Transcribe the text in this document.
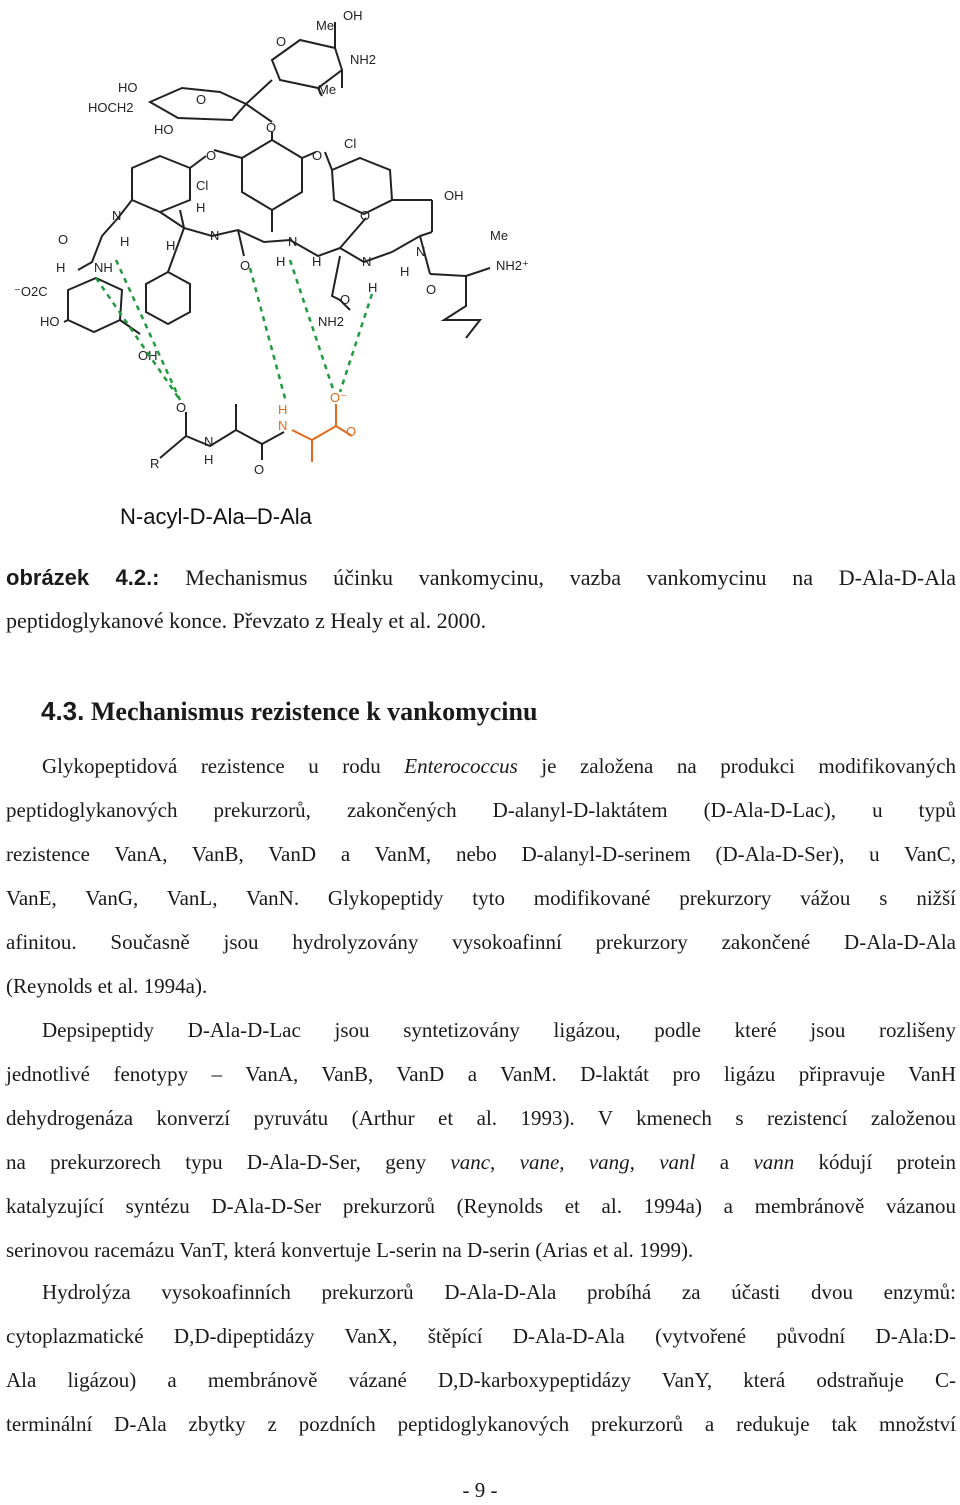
Me
OH
O
NH2
Me
HO
HOCH2
HO
O
O
O	O
Cl
Cl
OH
N
H
O
H
N
H
O
N
H H
O
N
H
H
N
O
Me
NH2⁺
O
NH2
H NH
⁻O2C
HO
OH
O
R
N
H
O
H
N
O⁻
O
N-acyl-D-Ala–D-Ala
obrázek 4.2.: Mechanismus účinku vankomycinu, vazba vankomycinu na D-Ala-D-Ala
peptidoglykanové konce. Převzato z Healy et al. 2000.
4.3. Mechanismus rezistence k vankomycinu
Glykopeptidová rezistence u rodu Enterococcus je založena na produkci modifikovaných
peptidoglykanových prekurzorů, zakončených D-alanyl-D-laktátem (D-Ala-D-Lac), u typů
rezistence VanA, VanB, VanD a VanM, nebo D-alanyl-D-serinem (D-Ala-D-Ser), u VanC,
VanE, VanG, VanL, VanN. Glykopeptidy tyto modifikované prekurzory vážou s nižší
afinitou. Současně jsou hydrolyzovány vysokoafinní prekurzory zakončené D-Ala-D-Ala
(Reynolds et al. 1994a).
Depsipeptidy D-Ala-D-Lac jsou syntetizovány ligázou, podle které jsou rozlišeny
jednotlivé fenotypy – VanA, VanB, VanD a VanM. D-laktát pro ligázu připravuje VanH
dehydrogenáza konverzí pyruvátu (Arthur et al. 1993). V kmenech s rezistencí založenou
na prekurzorech typu D-Ala-D-Ser, geny vanc, vane, vang, vanl a vann kódují protein
katalyzující syntézu D-Ala-D-Ser prekurzorů (Reynolds et al. 1994a) a membránově vázanou
serinovou racemázu VanT, která konvertuje L-serin na D-serin (Arias et al. 1999).
Hydrolýza vysokoafinních prekurzorů D-Ala-D-Ala probíhá za účasti dvou enzymů:
cytoplazmatické D,D-dipeptidázy VanX, štěpící D-Ala-D-Ala (vytvořené původní D-Ala:D-
Ala ligázou) a membránově vázané D,D-karboxypeptidázy VanY, která odstraňuje C-
terminální D-Ala zbytky z pozdních peptidoglykanových prekurzorů a redukuje tak množství
- 9 -
